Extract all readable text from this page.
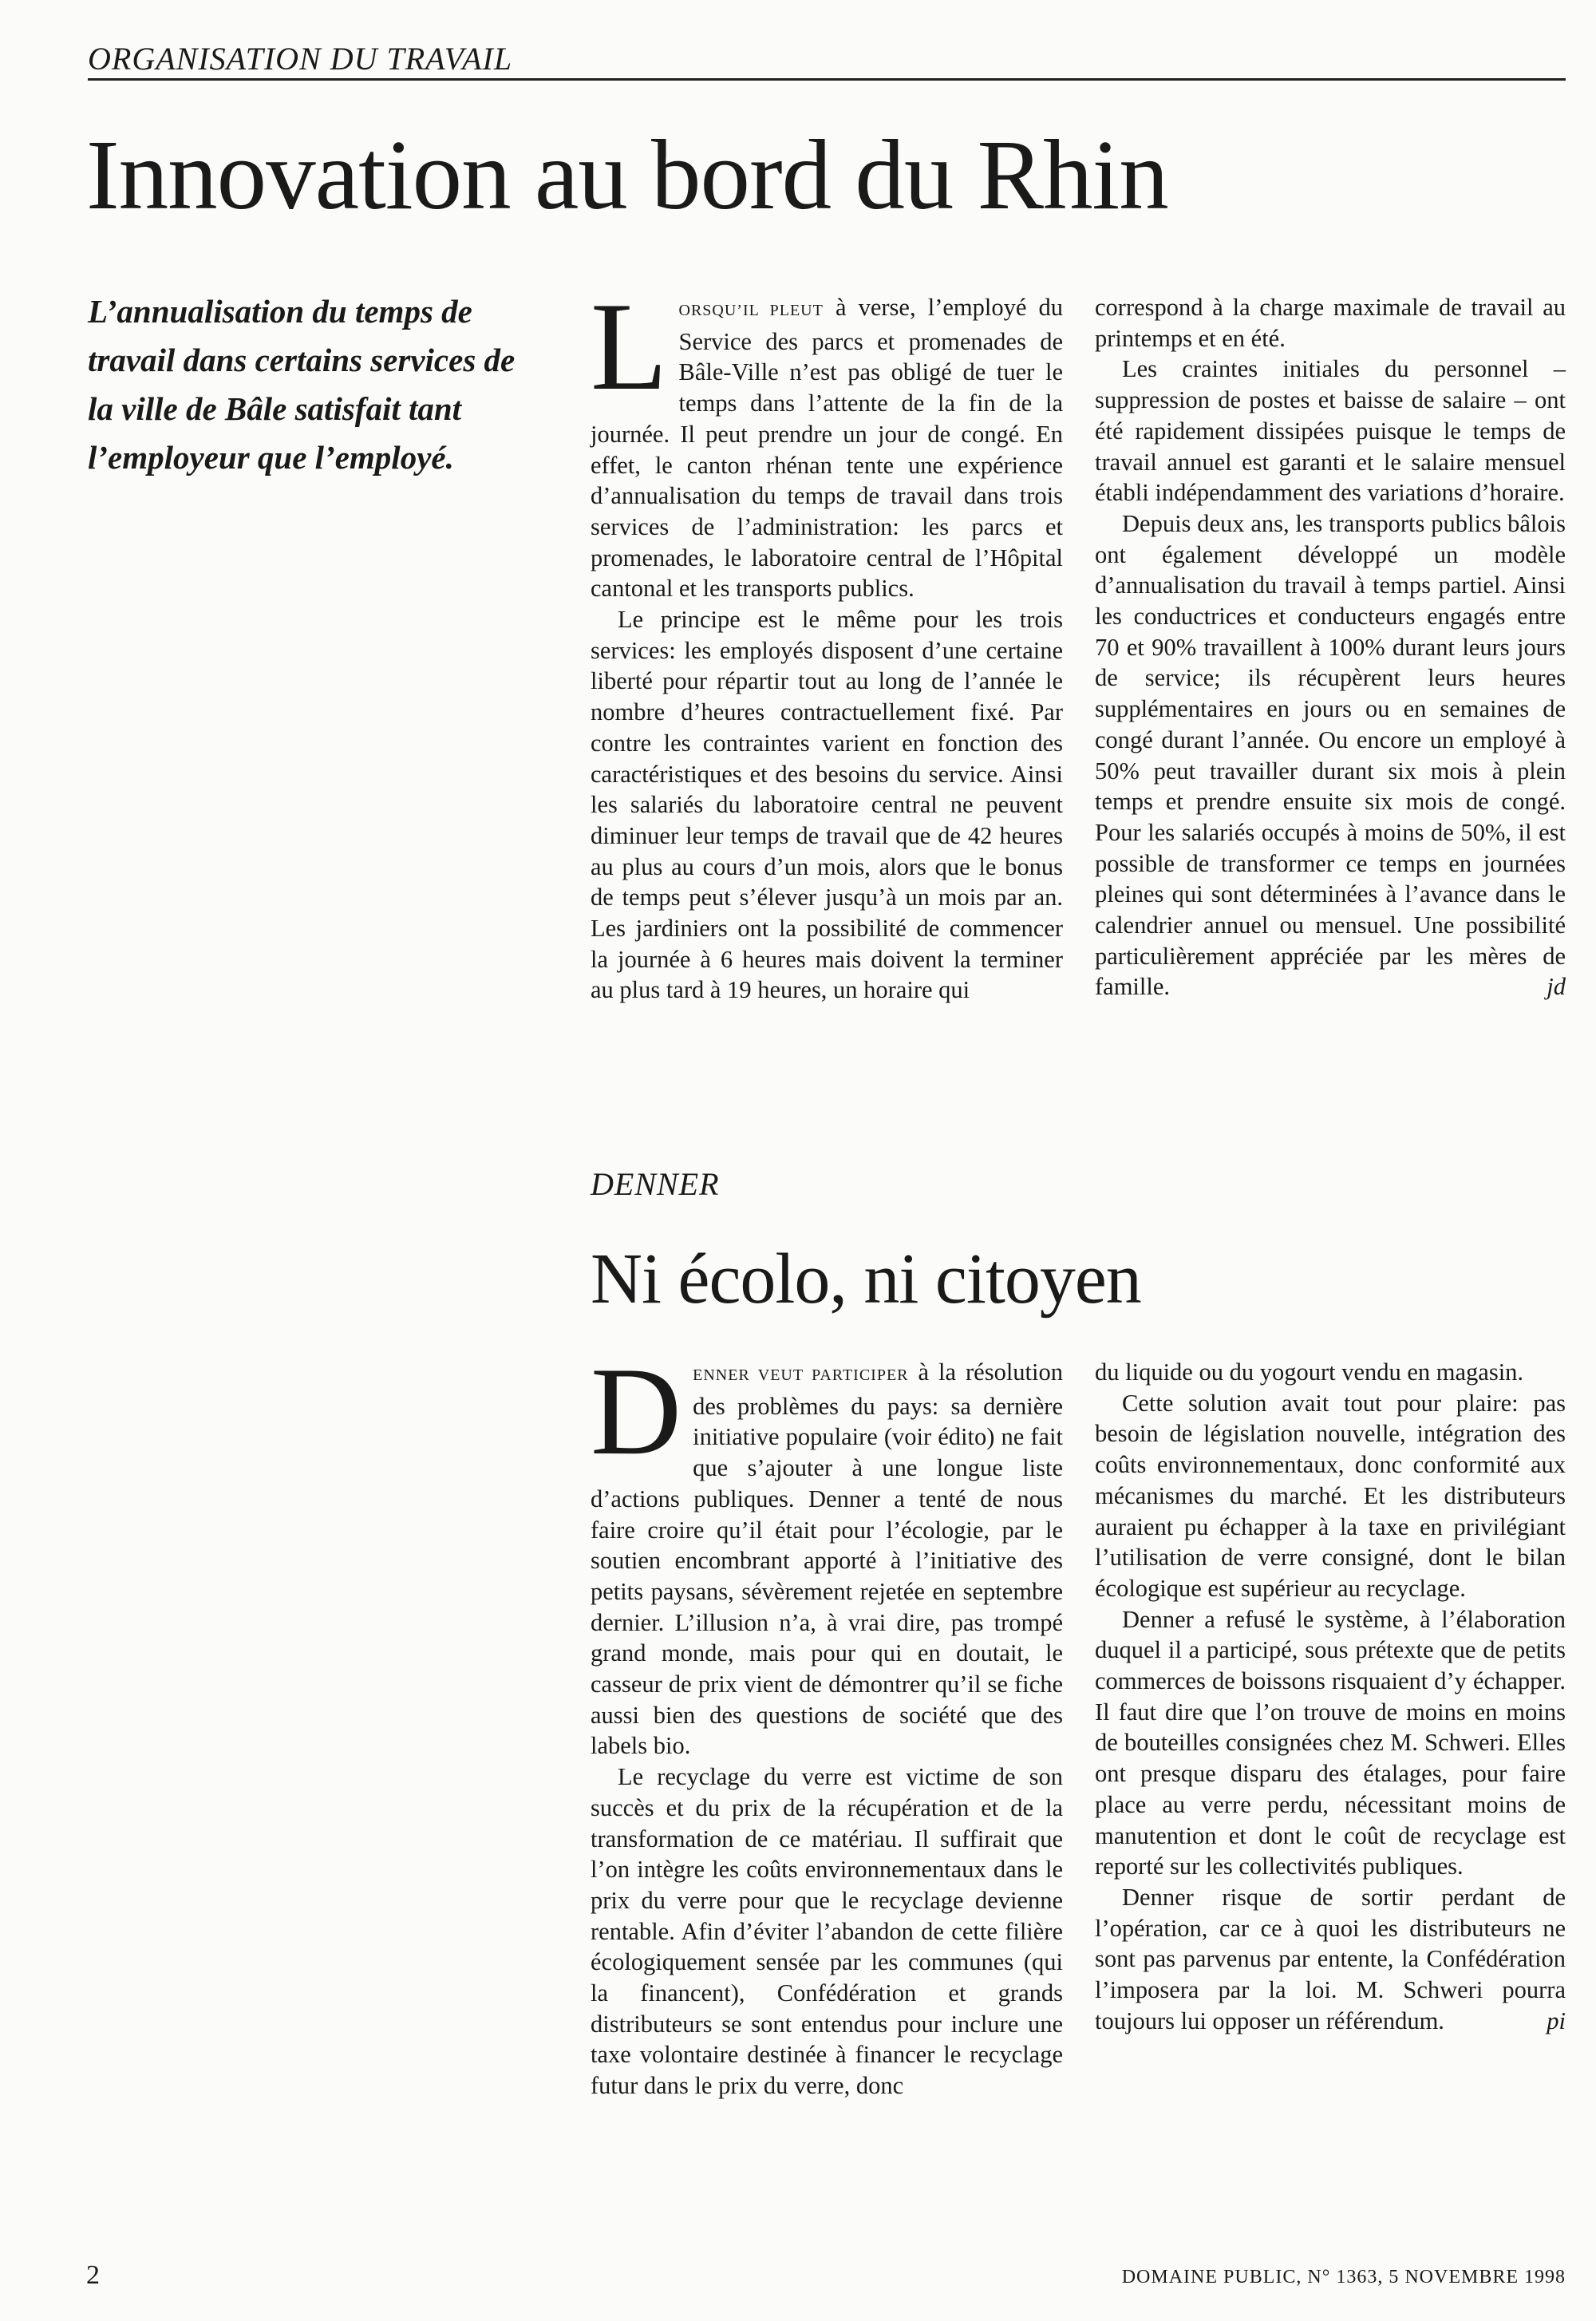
ORGANISATION DU TRAVAIL
Innovation au bord du Rhin
L’annualisation du temps de travail dans certains services de la ville de Bâle satisfait tant l’employeur que l’employé.

LORSQU’IL PLEUT à verse, l’employé du Service des parcs et promenades de Bâle-Ville n’est pas obligé de tuer le temps dans l’attente de la fin de la journée. Il peut prendre un jour de congé. En effet, le canton rhénan tente une expérience d’annualisation du temps de travail dans trois services de l’administration: les parcs et promenades, le laboratoire central de l’Hôpital cantonal et les transports publics.

Le principe est le même pour les trois services: les employés disposent d’une certaine liberté pour répartir tout au long de l’année le nombre d’heures contractuellement fixé. Par contre les contraintes varient en fonction des caractéristiques et des besoins du service. Ainsi les salariés du laboratoire central ne peuvent diminuer leur temps de travail que de 42 heures au plus au cours d’un mois, alors que le bonus de temps peut s’élever jusqu’à un mois par an. Les jardiniers ont la possibilité de commencer la journée à 6 heures mais doivent la terminer au plus tard à 19 heures, un horaire qui

correspond à la charge maximale de travail au printemps et en été.

Les craintes initiales du personnel – suppression de postes et baisse de salaire – ont été rapidement dissipées puisque le temps de travail annuel est garanti et le salaire mensuel établi indépendamment des variations d’horaire.

Depuis deux ans, les transports publics bâlois ont également développé un modèle d’annualisation du travail à temps partiel. Ainsi les conductrices et conducteurs engagés entre 70 et 90% travaillent à 100% durant leurs jours de service; ils récupèrent leurs heures supplémentaires en jours ou en semaines de congé durant l’année. Ou encore un employé à 50% peut travailler durant six mois à plein temps et prendre ensuite six mois de congé. Pour les salariés occupés à moins de 50%, il est possible de transformer ce temps en journées pleines qui sont déterminées à l’avance dans le calendrier annuel ou mensuel. Une possibilité particulièrement appréciée par les mères de famille.	jd

DENNER
Ni écolo, ni citoyen

DENNER VEUT PARTICIPER à la résolution des problèmes du pays: sa dernière initiative populaire (voir édito) ne fait que s’ajouter à une longue liste d’actions publiques. Denner a tenté de nous faire croire qu’il était pour l’écologie, par le soutien encombrant apporté à l’initiative des petits paysans, sévèrement rejetée en septembre dernier. L’illusion n’a, à vrai dire, pas trompé grand monde, mais pour qui en doutait, le casseur de prix vient de démontrer qu’il se fiche aussi bien des questions de société que des labels bio.

Le recyclage du verre est victime de son succès et du prix de la récupération et de la transformation de ce matériau. Il suffirait que l’on intègre les coûts environnementaux dans le prix du verre pour que le recyclage devienne rentable. Afin d’éviter l’abandon de cette filière écologiquement sensée par les communes (qui la financent), Confédération et grands distributeurs se sont entendus pour inclure une taxe volontaire destinée à financer le recyclage futur dans le prix du verre, donc

du liquide ou du yogourt vendu en magasin.

Cette solution avait tout pour plaire: pas besoin de législation nouvelle, intégration des coûts environnementaux, donc conformité aux mécanismes du marché. Et les distributeurs auraient pu échapper à la taxe en privilégiant l’utilisation de verre consigné, dont le bilan écologique est supérieur au recyclage.

Denner a refusé le système, à l’élaboration duquel il a participé, sous prétexte que de petits commerces de boissons risquaient d’y échapper. Il faut dire que l’on trouve de moins en moins de bouteilles consignées chez M. Schweri. Elles ont presque disparu des étalages, pour faire place au verre perdu, nécessitant moins de manutention et dont le coût de recyclage est reporté sur les collectivités publiques.

Denner risque de sortir perdant de l’opération, car ce à quoi les distributeurs ne sont pas parvenus par entente, la Confédération l’imposera par la loi. M. Schweri pourra toujours lui opposer un référendum.	pi

2	DOMAINE PUBLIC, N° 1363, 5 NOVEMBRE 1998
